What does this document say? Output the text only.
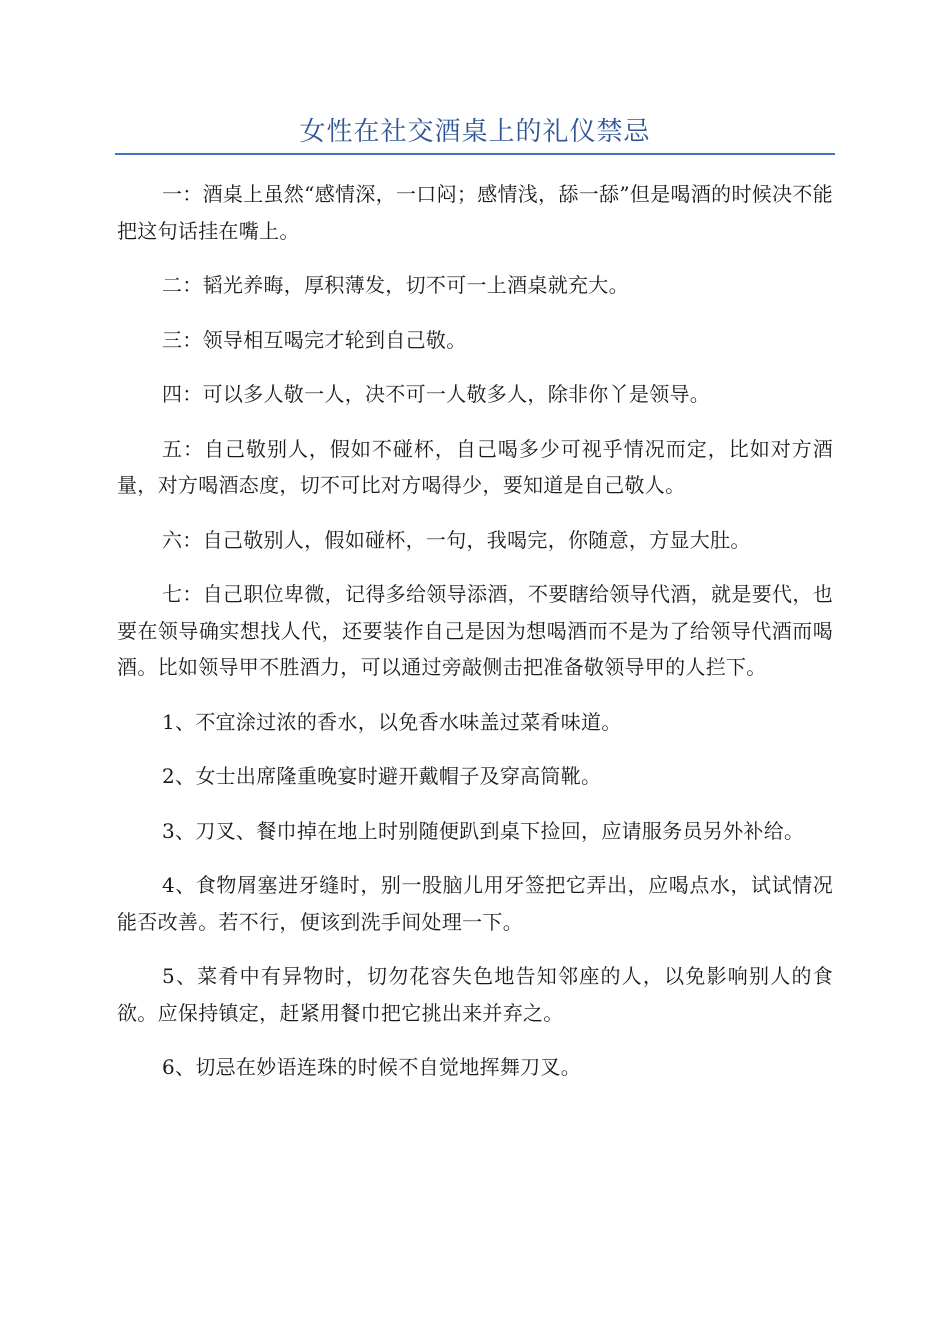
女性在社交酒桌上的礼仪禁忌

一：酒桌上虽然“感情深，一口闷；感情浅，舔一舔”但是喝酒的时候决不能把这句话挂在嘴上。

二：韬光养晦，厚积薄发，切不可一上酒桌就充大。

三：领导相互喝完才轮到自己敬。

四：可以多人敬一人，决不可一人敬多人，除非你丫是领导。

五：自己敬别人，假如不碰杯，自己喝多少可视乎情况而定，比如对方酒量，对方喝酒态度，切不可比对方喝得少，要知道是自己敬人。

六：自己敬别人，假如碰杯，一句，我喝完，你随意，方显大肚。

七：自己职位卑微，记得多给领导添酒，不要瞎给领导代酒，就是要代，也要在领导确实想找人代，还要装作自己是因为想喝酒而不是为了给领导代酒而喝酒。比如领导甲不胜酒力，可以通过旁敲侧击把准备敬领导甲的人拦下。

1、不宜涂过浓的香水，以免香水味盖过菜肴味道。

2、女士出席隆重晚宴时避开戴帽子及穿高筒靴。

3、刀叉、餐巾掉在地上时别随便趴到桌下捡回，应请服务员另外补给。

4、食物屑塞进牙缝时，别一股脑儿用牙签把它弄出，应喝点水，试试情况能否改善。若不行，便该到洗手间处理一下。

5、菜肴中有异物时，切勿花容失色地告知邻座的人，以免影响别人的食欲。应保持镇定，赶紧用餐巾把它挑出来并弃之。

6、切忌在妙语连珠的时候不自觉地挥舞刀叉。
